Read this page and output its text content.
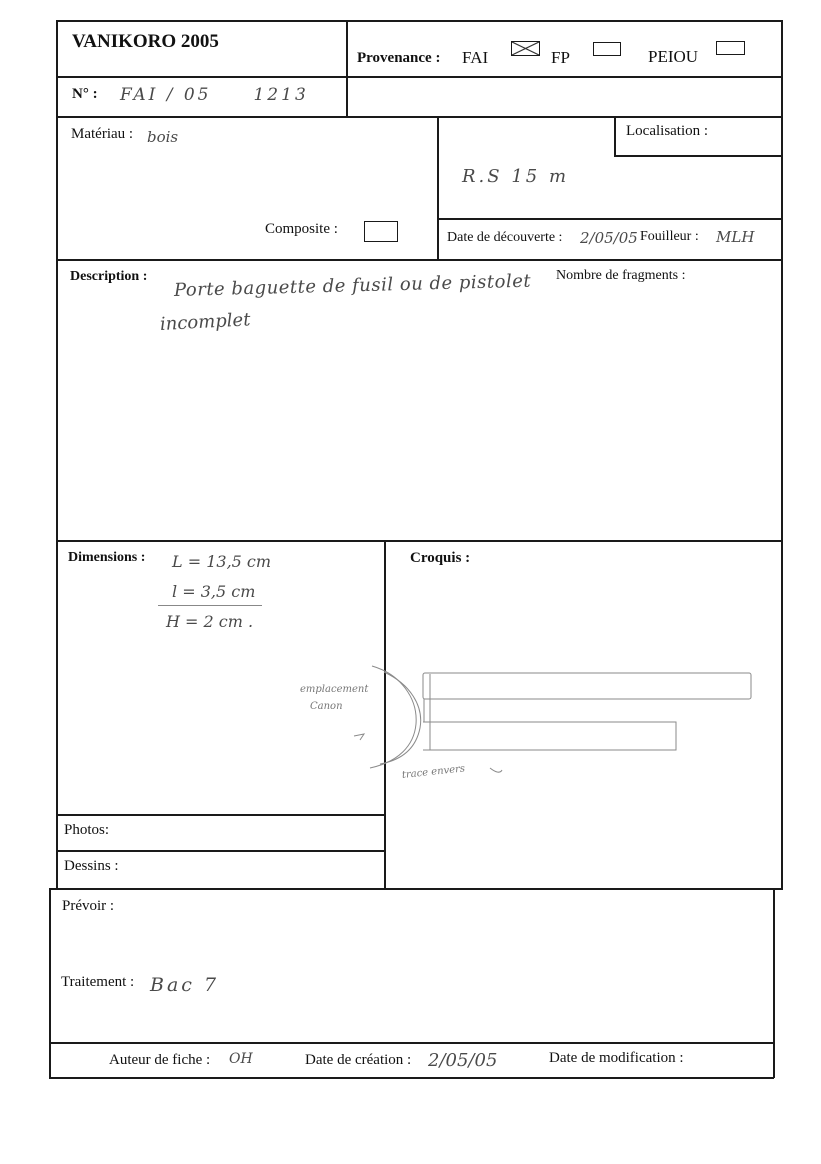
VANIKORO 2005
Provenance : FAI	FP	PEIOU
N° : FAI / 05     1213
Matériau : bois	Localisation :
R.S 15 m
Composite :
Date de découverte : 2/05/05 Fouilleur : MLH
Description :	Nombre de fragments :
Porte baguette de fusil ou de pistolet
incomplet
Dimensions : L = 13,5 cm
l = 3,5 cm
H = 2 cm .
Croquis :
emplacement
Canon
trace envers
Photos:
Dessins :
Prévoir :
Traitement : Bac 7
Auteur de fiche : OH	Date de création : 2/05/05	Date de modification :
